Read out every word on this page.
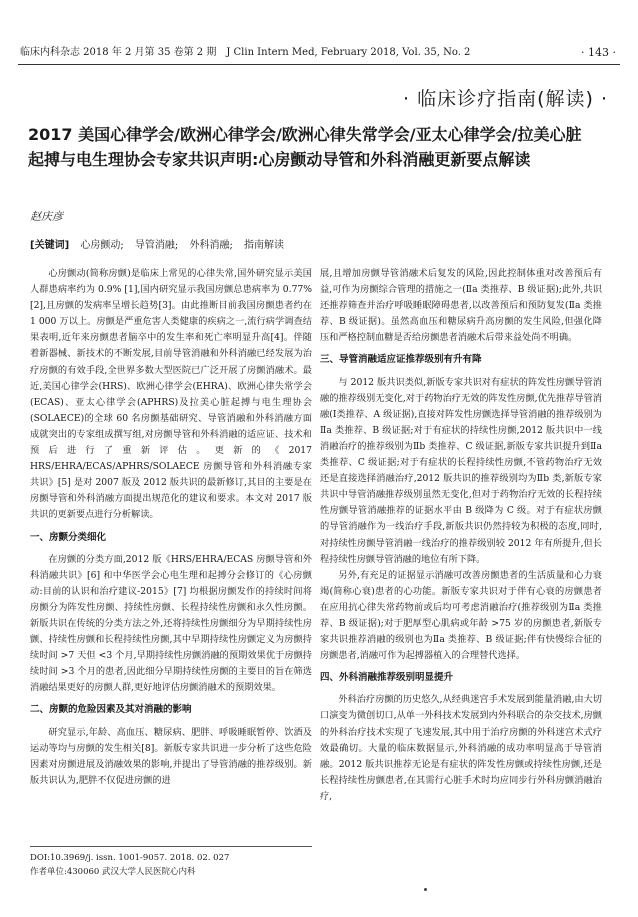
临床内科杂志 2018 年 2 月第 35 卷第 2 期　J Clin Intern Med, February 2018, Vol. 35, No. 2	· 143 ·
· 临床诊疗指南(解读) ·
2017 美国心律学会/欧洲心律学会/欧洲心律失常学会/亚太心律学会/拉美心脏起搏与电生理协会专家共识声明:心房颤动导管和外科消融更新要点解读
赵庆彦
[关键词] 心房颤动; 导管消融; 外科消融; 指南解读

心房颤动(简称房颤)是临床上常见的心律失常,国外研究显示美国人群患病率约为 0.9% [1],国内研究显示我国房颤总患病率为 0.77% [2],且房颤的发病率呈增长趋势[3]。由此推断目前我国房颤患者约在 1 000 万以上。房颤是严重危害人类健康的疾病之一,流行病学调查结果表明,近年来房颤患者脑卒中的发生率和死亡率明显升高[4]。伴随着新器械、新技术的不断发展,目前导管消融和外科消融已经发展为治疗房颤的有效手段,全世界多数大型医院已广泛开展了房颤消融术。最近,美国心律学会(HRS)、欧洲心律学会(EHRA)、欧洲心律失常学会(ECAS)、亚太心律学会(APHRS)及拉美心脏起搏与电生理协会(SOLAECE)的全球 60 名房颤基础研究、导管消融和外科消融方面成就突出的专家组成撰写组,对房颤导管和外科消融的适应证、技术和预后进行了重新评估。更新的《2017 HRS/EHRA/ECAS/APHRS/SOLAECE 房颤导管和外科消融专家共识》[5] 是对 2007 版及 2012 版共识的最新修订,其目的主要是在房颤导管和外科消融方面提出规范化的建议和要求。本文对 2017 版共识的更新要点进行分析解读。

一、房颤分类细化

在房颤的分类方面,2012 版《HRS/EHRA/ECAS 房颤导管和外科消融共识》[6] 和中华医学会心电生理和起搏分会修订的《心房颤动:目前的认识和治疗建议-2015》[7] 均根据房颤发作的持续时间将房颤分为阵发性房颤、持续性房颤、长程持续性房颤和永久性房颤。新版共识在传统的分类方法之外,还将持续性房颤细分为早期持续性房颤、持续性房颤和长程持续性房颤,其中早期持续性房颤定义为房颤持续时间 >7 天但 <3 个月,早期持续性房颤消融的预期效果优于房颤持续时间 >3 个月的患者,因此细分早期持续性房颤的主要目的旨在筛选消融结果更好的房颤人群,更好地评估房颤消融术的预期效果。

二、房颤的危险因素及其对消融的影响

研究显示,年龄、高血压、糖尿病、肥胖、呼吸睡眠暂停、饮酒及运动等均与房颤的发生相关[8]。新版专家共识进一步分析了这些危险因素对房颤进展及消融效果的影响,并提出了导管消融的推荐级别。新版共识认为,肥胖不仅促进房颤的进

展,且增加房颤导管消融术后复发的风险,因此控制体重对改善预后有益,可作为房颤综合管理的措施之一(Ⅱa 类推荐、B 级证据);此外,共识还推荐筛查并治疗呼吸睡眠障碍患者,以改善预后和预防复发(Ⅱa 类推荐、B 级证据)。虽然高血压和糖尿病升高房颤的发生风险,但强化降压和严格控制血糖是否给房颤患者消融术后带来益处尚不明确。

三、导管消融适应证推荐级别有升有降

与 2012 版共识类似,新版专家共识对有症状的阵发性房颤导管消融的推荐级别无变化,对于药物治疗无效的阵发性房颤,优先推荐导管消融(Ⅰ类推荐、A 级证据),直接对阵发性房颤选择导管消融的推荐级别为Ⅱa 类推荐、B 级证据;对于有症状的持续性房颤,2012 版共识中一线消融治疗的推荐级别为Ⅱb 类推荐、C 级证据,新版专家共识提升到Ⅱa 类推荐、C 级证据;对于有症状的长程持续性房颤,不管药物治疗无效还是直接选择消融治疗,2012 版共识的推荐级别均为Ⅱb 类,新版专家共识中导管消融推荐级别虽然无变化,但对于药物治疗无效的长程持续性房颤导管消融推荐的证据水平由 B 级降为 C 级。对于有症状房颤的导管消融作为一线治疗手段,新版共识仍然持较为积极的态度,同时,对持续性房颤导管消融一线治疗的推荐级别较 2012 年有所提升,但长程持续性房颤导管消融的地位有所下降。

另外,有充足的证据显示消融可改善房颤患者的生活质量和心力衰竭(简称心衰)患者的心功能。新版专家共识对于伴有心衰的房颤患者在应用抗心律失常药物前或后均可考虑消融治疗(推荐级别为Ⅱa 类推荐、B 级证据);对于肥厚型心肌病或年龄 >75 岁的房颤患者,新版专家共识推荐消融的级别也为Ⅱa 类推荐、B 级证据;伴有快慢综合征的房颤患者,消融可作为起搏器植入的合理替代选择。

四、外科消融推荐级别明显提升

外科治疗房颤的历史悠久,从经典迷宫手术发展到能量消融,由大切口演变为微创切口,从单一外科技术发展到内外科联合的杂交技术,房颤的外科治疗技术实现了飞速发展,其中用于治疗房颤的外科迷宫术式疗效最确切。大量的临床数据显示,外科消融的成功率明显高于导管消融。2012 版共识推荐无论是有症状的阵发性房颤或持续性房颤,还是长程持续性房颤患者,在其需行心脏手术时均应同步行外科房颤消融治疗,

DOI:10.3969/j. issn. 1001-9057. 2018. 02. 027
作者单位:430060 武汉大学人民医院心内科
